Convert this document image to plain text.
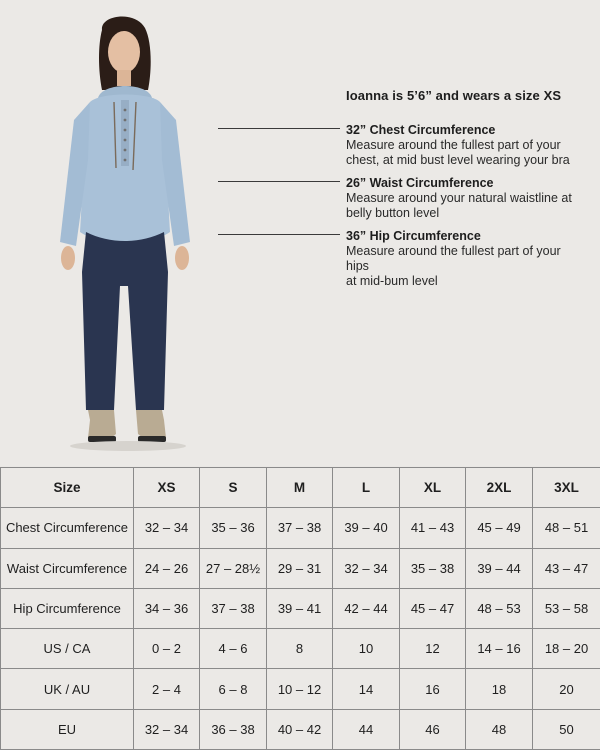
Ioanna is 5’6” and wears a size XS
32” Chest Circumference
Measure around the fullest part of your
chest, at mid bust level wearing your bra
26” Waist Circumference
Measure around your natural waistline at
belly button level
36” Hip Circumference
Measure around the fullest part of your hips
at mid-bum level
Size	XS	S	M	L	XL	2XL	3XL
Chest Circumference	32 – 34	35 – 36	37 – 38	39 – 40	41 – 43	45 – 49	48 – 51
Waist Circumference	24 – 26	27 – 28½	29 – 31	32 – 34	35 – 38	39 – 44	43 – 47
Hip Circumference	34 – 36	37 – 38	39 – 41	42 – 44	45 – 47	48 – 53	53 – 58
US / CA	0 – 2	4 – 6	8	10	12	14 – 16	18 – 20
UK / AU	2 – 4	6 – 8	10 – 12	14	16	18	20
EU	32 – 34	36 – 38	40 – 42	44	46	48	50
